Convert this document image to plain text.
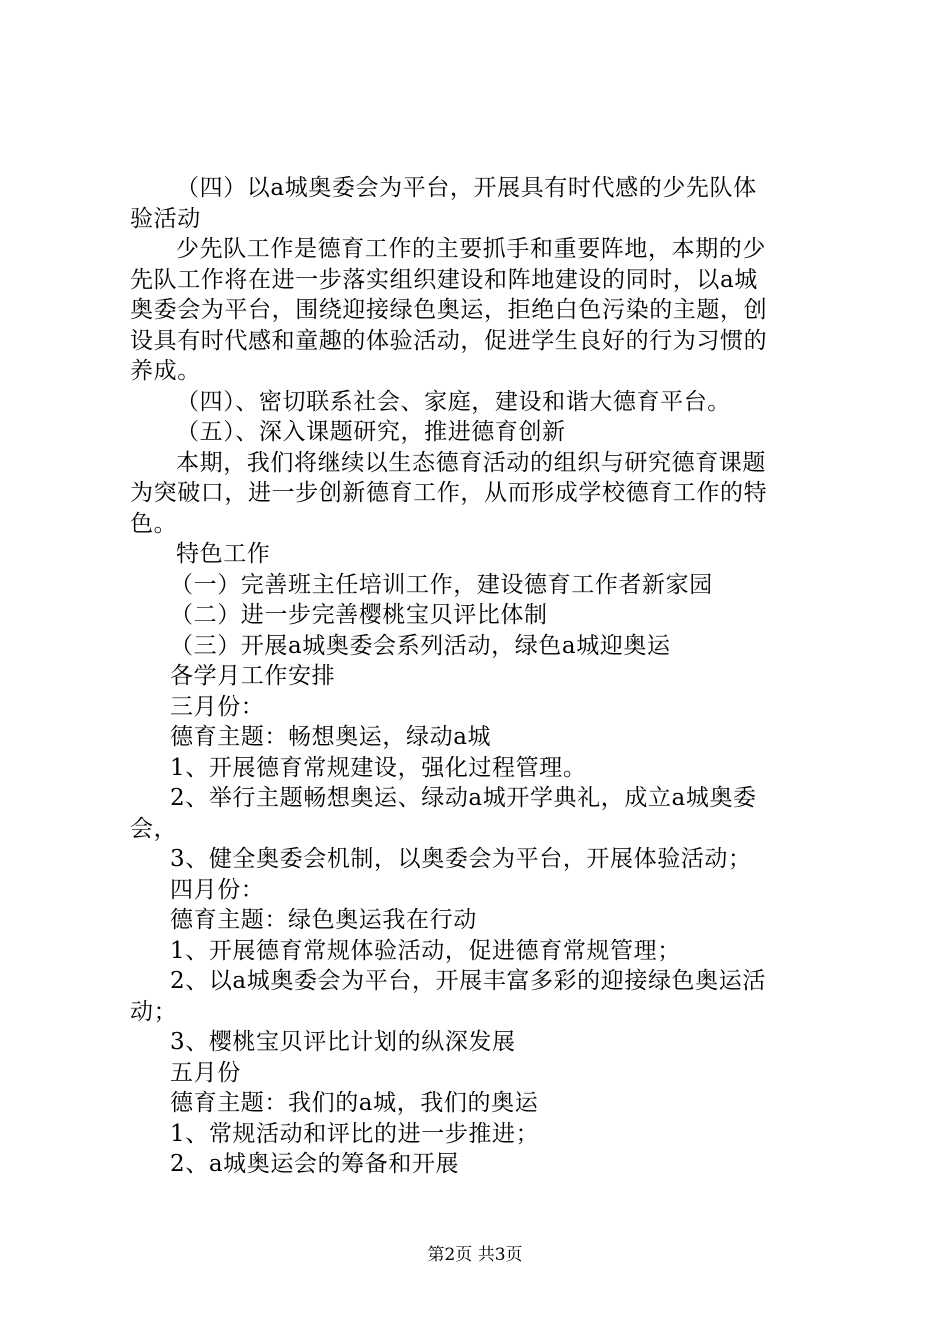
（四）以a城奥委会为平台，开展具有时代感的少先队体
验活动
少先队工作是德育工作的主要抓手和重要阵地，本期的少
先队工作将在进一步落实组织建设和阵地建设的同时，以a城
奥委会为平台，围绕迎接绿色奥运，拒绝白色污染的主题，创
设具有时代感和童趣的体验活动，促进学生良好的行为习惯的
养成。
（四）、密切联系社会、家庭，建设和谐大德育平台。
（五）、深入课题研究，推进德育创新
本期，我们将继续以生态德育活动的组织与研究德育课题
为突破口，进一步创新德育工作，从而形成学校德育工作的特
色。
特色工作
（一）完善班主任培训工作，建设德育工作者新家园
（二）进一步完善樱桃宝贝评比体制
（三）开展a城奥委会系列活动，绿色a城迎奥运
各学月工作安排
三月份：
德育主题：畅想奥运，绿动a城
1、开展德育常规建设，强化过程管理。
2、举行主题畅想奥运、绿动a城开学典礼，成立a城奥委
会，
3、健全奥委会机制，以奥委会为平台，开展体验活动；
四月份：
德育主题：绿色奥运我在行动
1、开展德育常规体验活动，促进德育常规管理；
2、以a城奥委会为平台，开展丰富多彩的迎接绿色奥运活
动；
3、樱桃宝贝评比计划的纵深发展
五月份
德育主题：我们的a城，我们的奥运
1、常规活动和评比的进一步推进；
2、a城奥运会的筹备和开展
第2页 共3页
